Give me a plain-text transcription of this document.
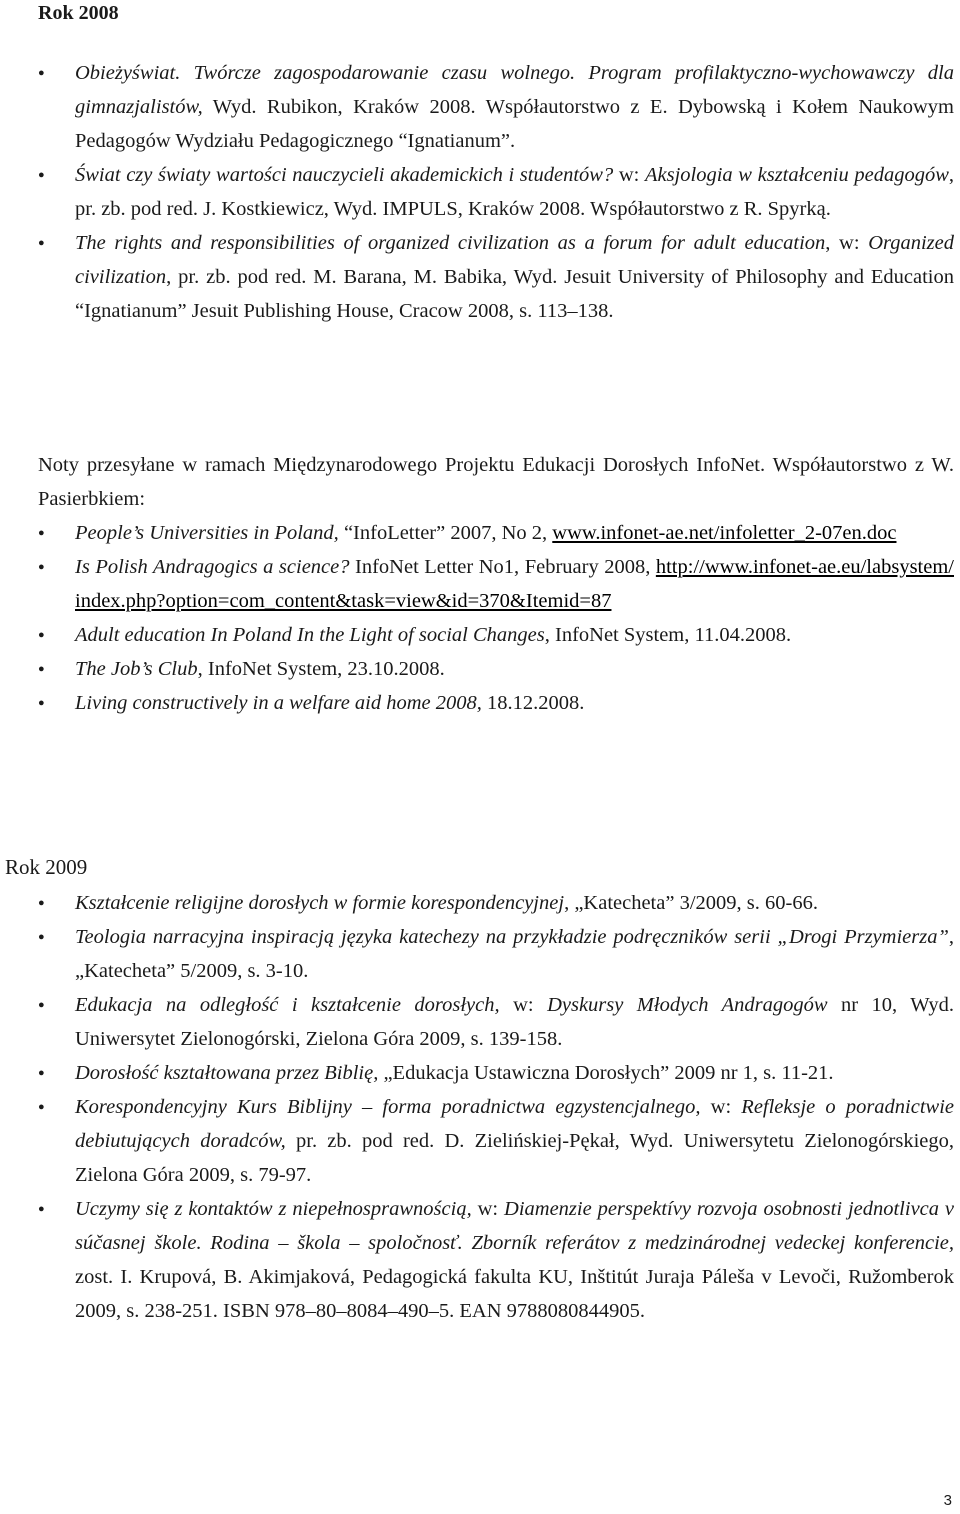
Rok 2008
● Obieżyświat. Twórcze zagospodarowanie czasu wolnego. Program profilaktyczno-wychowawczy dla gimnazjalistów, Wyd. Rubikon, Kraków 2008. Współautorstwo z E. Dybowską i Kołem Naukowym Pedagogów Wydziału Pedagogicznego “Ignatianum”.
● Świat czy światy wartości nauczycieli akademickich i studentów? w: Aksjologia w kształceniu pedagogów, pr. zb. pod red. J. Kostkiewicz, Wyd. IMPULS, Kraków 2008. Współautorstwo z R. Spyrką.
● The rights and responsibilities of organized civilization as a forum for adult education, w: Organized civilization, pr. zb. pod red. M. Barana, M. Babika, Wyd. Jesuit University of Philosophy and Education “Ignatianum” Jesuit Publishing House, Cracow 2008, s. 113–138.
Noty przesyłane w ramach Międzynarodowego Projektu Edukacji Dorosłych InfoNet. Współautorstwo z W. Pasierbkiem:
● People’s Universities in Poland, “InfoLetter” 2007, No 2, www.infonet-ae.net/infoletter_2-07en.doc
● Is Polish Andragogics a science? InfoNet Letter No1, February 2008, http://www.infonet-ae.eu/labsystem/index.php?option=com_content&task=view&id=370&Itemid=87
● Adult education In Poland In the Light of social Changes, InfoNet System, 11.04.2008.
● The Job’s Club, InfoNet System, 23.10.2008.
● Living constructively in a welfare aid home 2008, 18.12.2008.
Rok 2009
● Kształcenie religijne dorosłych w formie korespondencyjnej, „Katecheta” 3/2009, s. 60-66.
● Teologia narracyjna inspiracją języka katechezy na przykładzie podręczników serii „Drogi Przymierza”, „Katecheta” 5/2009, s. 3-10.
● Edukacja na odległość i kształcenie dorosłych, w: Dyskursy Młodych Andragogów nr 10, Wyd. Uniwersytet Zielonogórski, Zielona Góra 2009, s. 139-158.
● Dorosłość kształtowana przez Biblię, „Edukacja Ustawiczna Dorosłych” 2009 nr 1, s. 11-21.
● Korespondencyjny Kurs Biblijny – forma poradnictwa egzystencjalnego, w: Refleksje o poradnictwie debiutujących doradców, pr. zb. pod red. D. Zielińskiej-Pękał, Wyd. Uniwersytetu Zielonogórskiego, Zielona Góra 2009, s. 79-97.
● Uczymy się z kontaktów z niepełnosprawnością, w: Diamenzie perspektívy rozvoja osobnosti jednotlivca v súčasnej škole. Rodina – škola – spoločnosť. Zborník referátov z medzinárodnej vedeckej konferencie, zost. I. Krupová, B. Akimjaková, Pedagogická fakulta KU, Inštitút Juraja Páleša v Levoči, Ružomberok 2009, s. 238-251. ISBN 978–80–8084–490–5. EAN 9788080844905.
3
